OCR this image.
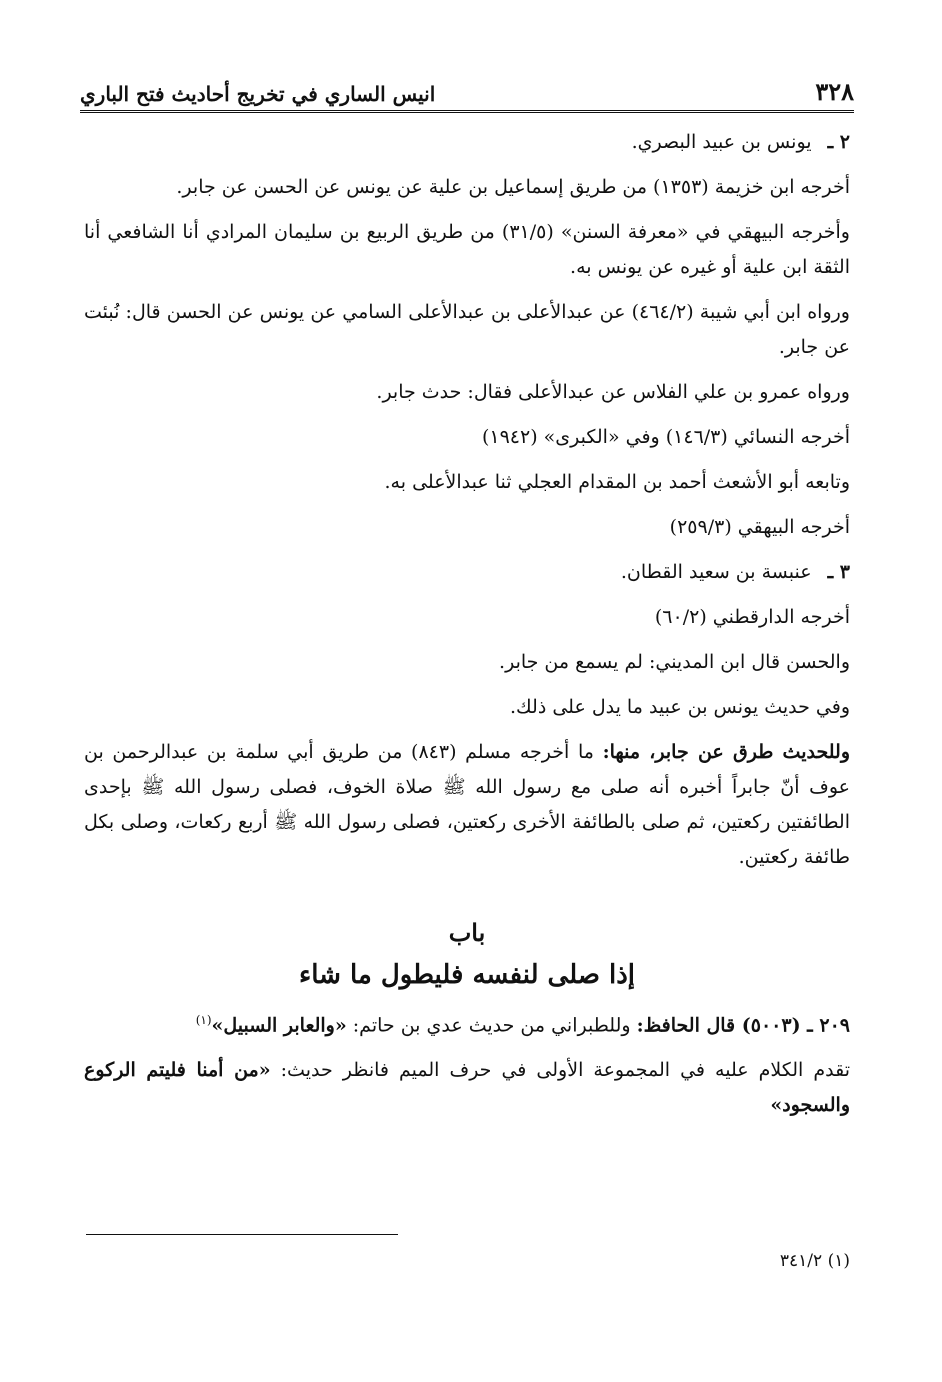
٣٢٨
انيس الساري في تخريج أحاديث فتح الباري

٢ ـ يونس بن عبيد البصري.

أخرجه ابن خزيمة (١٣٥٣) من طريق إسماعيل بن علية عن يونس عن الحسن عن جابر.

وأخرجه البيهقي في «معرفة السنن» (٣١/٥) من طريق الربيع بن سليمان المرادي أنا الشافعي أنا الثقة ابن علية أو غيره عن يونس به.

ورواه ابن أبي شيبة (٤٦٤/٢) عن عبدالأعلى بن عبدالأعلى السامي عن يونس عن الحسن قال: نُبئت عن جابر.

ورواه عمرو بن علي الفلاس عن عبدالأعلى فقال: حدث جابر.

أخرجه النسائي (١٤٦/٣) وفي «الكبرى» (١٩٤٢)

وتابعه أبو الأشعث أحمد بن المقدام العجلي ثنا عبدالأعلى به.

أخرجه البيهقي (٢٥٩/٣)

٣ ـ عنبسة بن سعيد القطان.

أخرجه الدارقطني (٦٠/٢)

والحسن قال ابن المديني: لم يسمع من جابر.

وفي حديث يونس بن عبيد ما يدل على ذلك.

وللحديث طرق عن جابر، منها: ما أخرجه مسلم (٨٤٣) من طريق أبي سلمة بن عبدالرحمن بن عوف أنّ جابراً أخبره أنه صلى مع رسول الله ﷺ صلاة الخوف، فصلى رسول الله ﷺ بإحدى الطائفتين ركعتين، ثم صلى بالطائفة الأخرى ركعتين، فصلى رسول الله ﷺ أربع ركعات، وصلى بكل طائفة ركعتين.

باب
إذا صلى لنفسه فليطول ما شاء

٢٠٩ ـ (٥٠٠٣) قال الحافظ: وللطبراني من حديث عدي بن حاتم: «والعابر السبيل»$^{(١)}$

تقدم الكلام عليه في المجموعة الأولى في حرف الميم فانظر حديث: «من أمنا فليتم الركوع والسجود»

(١) ٣٤١/٢
